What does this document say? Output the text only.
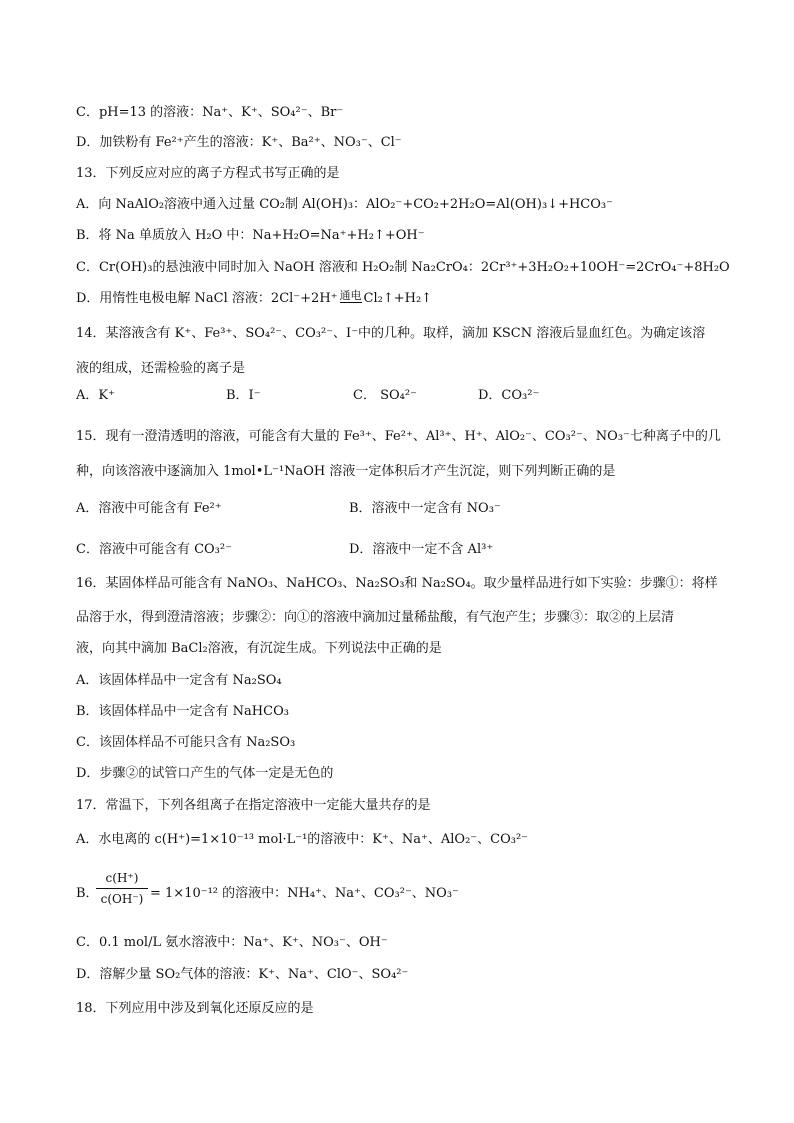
C．pH=13 的溶液：Na⁺、K⁺、SO₄²⁻、Br⁻
D．加铁粉有 Fe²⁺产生的溶液：K⁺、Ba²⁺、NO₃⁻、Cl⁻
13．下列反应对应的离子方程式书写正确的是
A．向 NaAlO₂溶液中通入过量 CO₂制 Al(OH)₃：AlO₂⁻+CO₂+2H₂O=Al(OH)₃↓+HCO₃⁻
B．将 Na 单质放入 H₂O 中：Na+H₂O=Na⁺+H₂↑+OH⁻
C．Cr(OH)₃的悬浊液中同时加入 NaOH 溶液和 H₂O₂制 Na₂CrO₄：2Cr³⁺+3H₂O₂+10OH⁻=2CrO₄⁻+8H₂O
D．用惰性电极电解 NaCl 溶液：2Cl⁻+2H⁺ 通电 Cl₂↑+H₂↑
14．某溶液含有 K⁺、Fe³⁺、SO₄²⁻、CO₃²⁻、I⁻中的几种。取样，滴加 KSCN 溶液后显血红色。为确定该溶
液的组成，还需检验的离子是
A．K⁺	B．I⁻	C． SO₄²⁻	D．CO₃²⁻
15．现有一澄清透明的溶液，可能含有大量的 Fe³⁺、Fe²⁺、Al³⁺、H⁺、AlO₂⁻、CO₃²⁻、NO₃⁻七种离子中的几
种，向该溶液中逐滴加入 1mol•L⁻¹NaOH 溶液一定体积后才产生沉淀，则下列判断正确的是
A．溶液中可能含有 Fe²⁺	B．溶液中一定含有 NO₃⁻
C．溶液中可能含有 CO₃²⁻	D．溶液中一定不含 Al³⁺
16．某固体样品可能含有 NaNO₃、NaHCO₃、Na₂SO₃和 Na₂SO₄。取少量样品进行如下实验：步骤①：将样
品溶于水，得到澄清溶液；步骤②：向①的溶液中滴加过量稀盐酸，有气泡产生；步骤③：取②的上层清
液，向其中滴加 BaCl₂溶液，有沉淀生成。下列说法中正确的是
A．该固体样品中一定含有 Na₂SO₄
B．该固体样品中一定含有 NaHCO₃
C．该固体样品不可能只含有 Na₂SO₃
D．步骤②的试管口产生的气体一定是无色的
17．常温下，下列各组离子在指定溶液中一定能大量共存的是
A．水电离的 c(H⁺)=1×10⁻¹³ mol·L⁻¹的溶液中：K⁺、Na⁺、AlO₂⁻、CO₃²⁻
B．
$\frac{c(H^+)}{c(OH^-)} = 1\times 10^{-12}$ 的溶液中：NH₄⁺、Na⁺、CO₃²⁻、NO₃⁻
C．0.1 mol/L 氨水溶液中：Na⁺、K⁺、NO₃⁻、OH⁻
D．溶解少量 SO₂气体的溶液：K⁺、Na⁺、ClO⁻、SO₄²⁻
18．下列应用中涉及到氧化还原反应的是
